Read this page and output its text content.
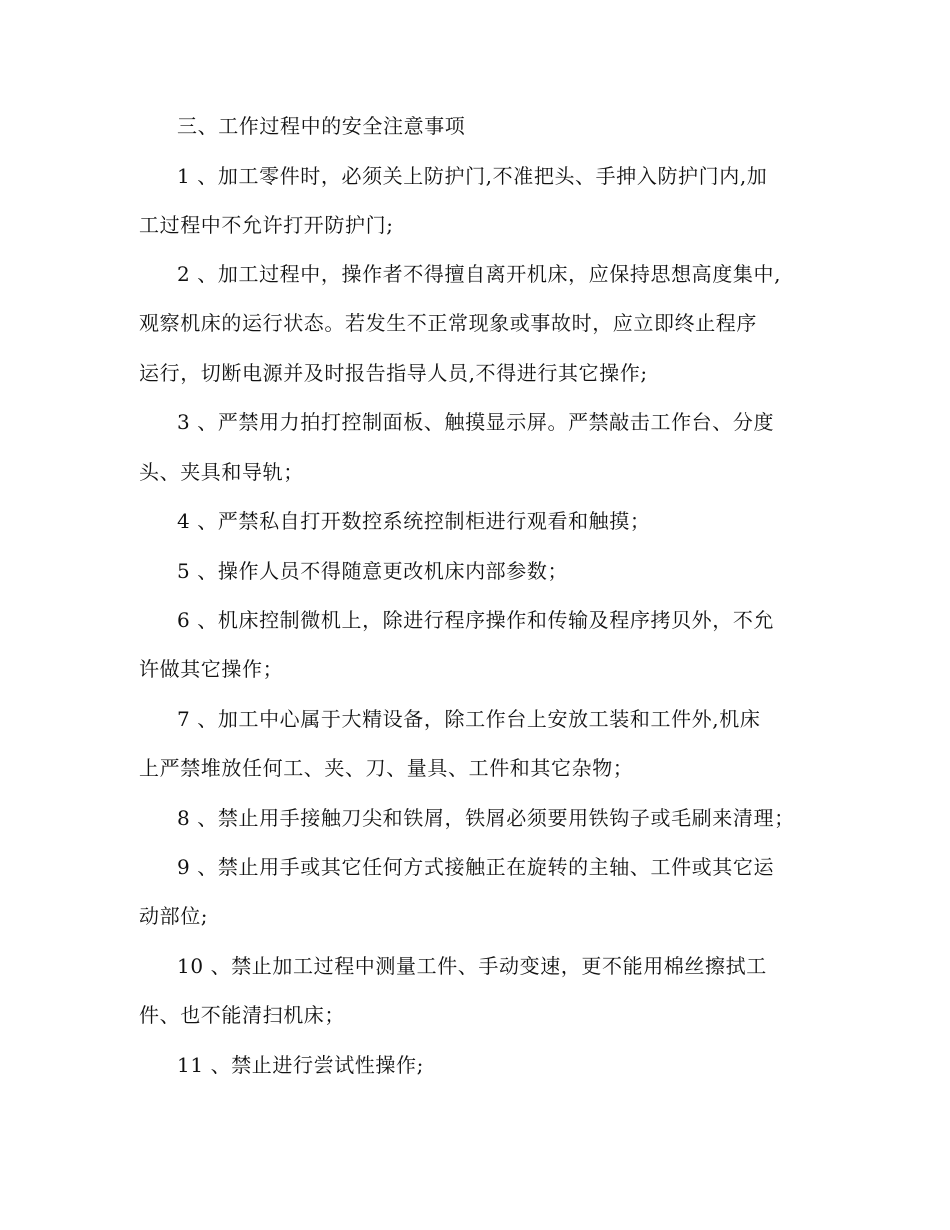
三、工作过程中的安全注意事项

1 、加工零件时，必须关上防护门,不准把头、手抻入防护门内,加

工过程中不允许打开防护门;

2 、加工过程中，操作者不得擅自离开机床，应保持思想高度集中,

观察机床的运行状态。若发生不正常现象或事故时，应立即终止程序

运行，切断电源并及时报告指导人员,不得进行其它操作;

3 、严禁用力拍打控制面板、触摸显示屏。严禁敲击工作台、分度

头、夹具和导轨；

4 、严禁私自打开数控系统控制柜进行观看和触摸；

5 、操作人员不得随意更改机床内部参数；

6 、机床控制微机上，除进行程序操作和传输及程序拷贝外，不允

许做其它操作；

7 、加工中心属于大精设备，除工作台上安放工装和工件外,机床

上严禁堆放任何工、夹、刀、量具、工件和其它杂物；

8 、禁止用手接触刀尖和铁屑，铁屑必须要用铁钩子或毛刷来清理；

9 、禁止用手或其它任何方式接触正在旋转的主轴、工件或其它运

动部位;

10 、禁止加工过程中测量工件、手动变速，更不能用棉丝擦拭工

件、也不能清扫机床；

11 、禁止进行尝试性操作;
